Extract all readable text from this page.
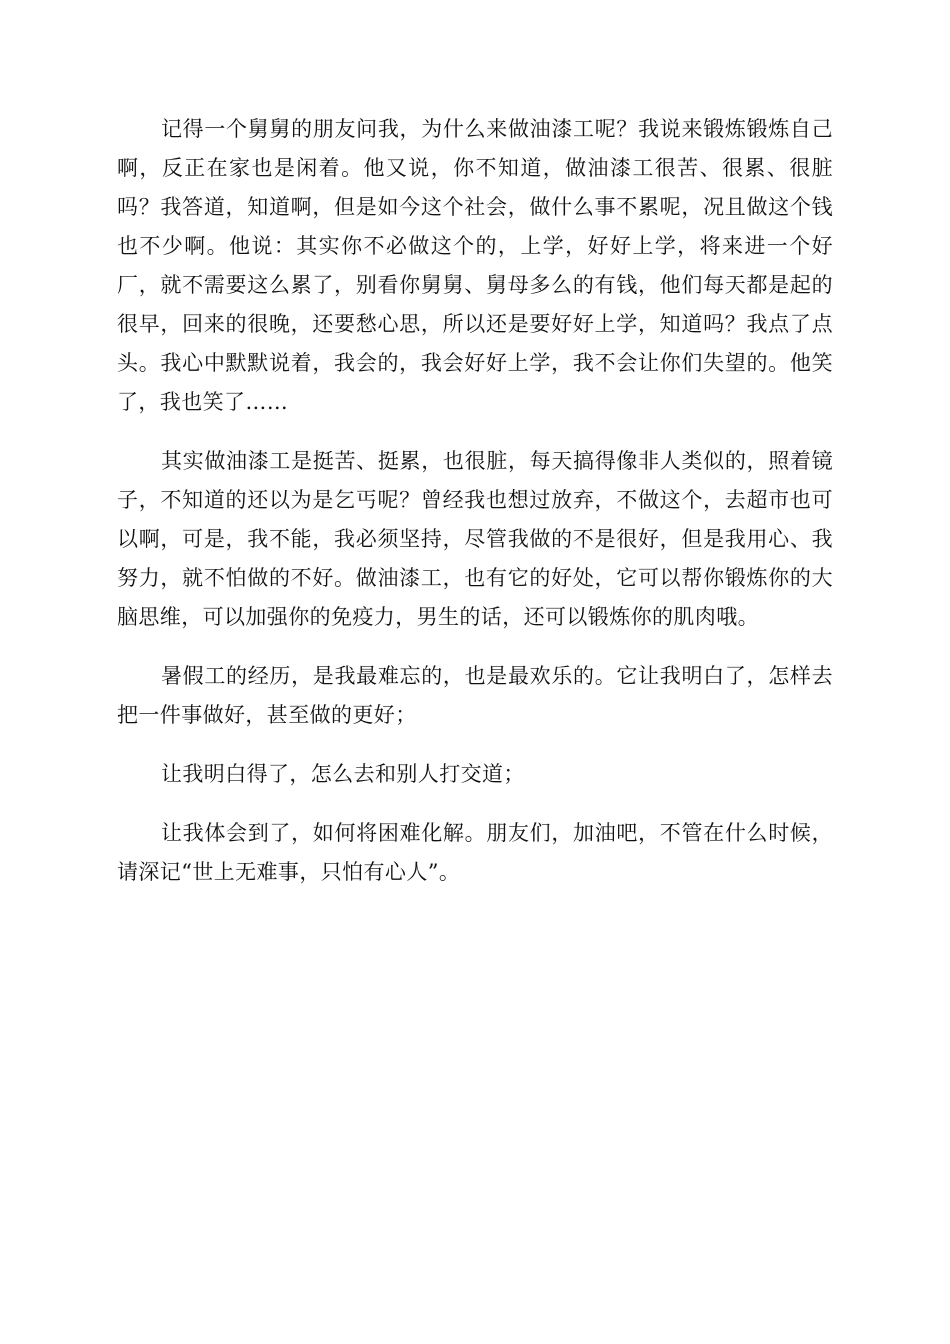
记得一个舅舅的朋友问我，为什么来做油漆工呢？我说来锻炼锻炼自己啊，反正在家也是闲着。他又说，你不知道，做油漆工很苦、很累、很脏吗？我答道，知道啊，但是如今这个社会，做什么事不累呢，况且做这个钱也不少啊。他说：其实你不必做这个的，上学，好好上学，将来进一个好厂，就不需要这么累了，别看你舅舅、舅母多么的有钱，他们每天都是起的很早，回来的很晚，还要愁心思，所以还是要好好上学，知道吗？我点了点头。我心中默默说着，我会的，我会好好上学，我不会让你们失望的。他笑了，我也笑了……

其实做油漆工是挺苦、挺累，也很脏，每天搞得像非人类似的，照着镜子，不知道的还以为是乞丐呢？曾经我也想过放弃，不做这个，去超市也可以啊，可是，我不能，我必须坚持，尽管我做的不是很好，但是我用心、我努力，就不怕做的不好。做油漆工，也有它的好处，它可以帮你锻炼你的大脑思维，可以加强你的免疫力，男生的话，还可以锻炼你的肌肉哦。

暑假工的经历，是我最难忘的，也是最欢乐的。它让我明白了，怎样去把一件事做好，甚至做的更好；

让我明白得了，怎么去和别人打交道；

让我体会到了，如何将困难化解。朋友们，加油吧，不管在什么时候，请深记“世上无难事，只怕有心人”。
